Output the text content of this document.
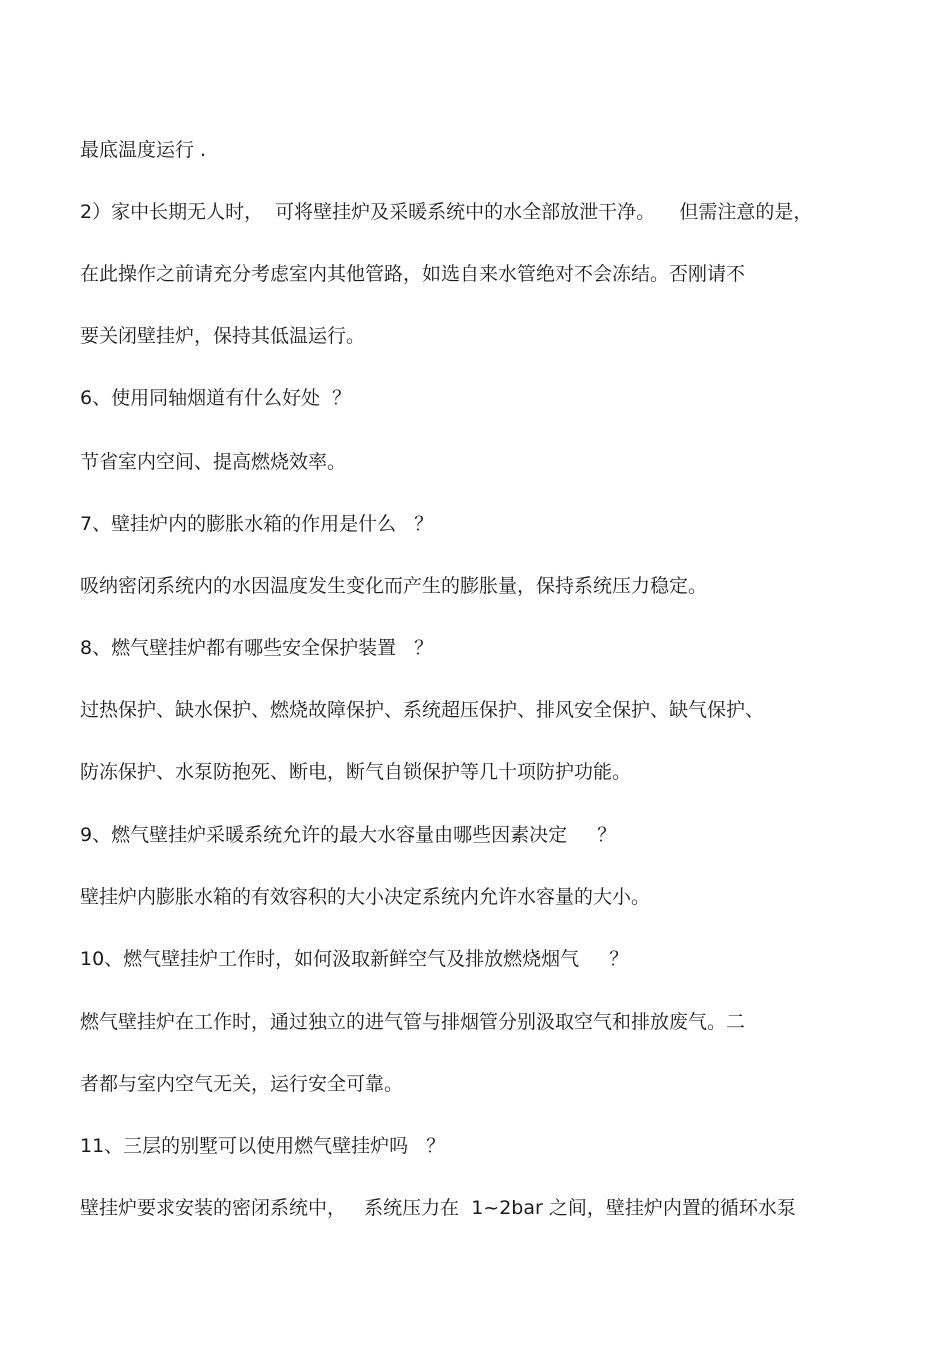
最底温度运行 .

2）家中长期无人时，  可将壁挂炉及采暖系统中的水全部放泄干净。    但需注意的是，

在此操作之前请充分考虑室内其他管路，如选自来水管绝对不会冻结。否刚请不

要关闭壁挂炉，保持其低温运行。

6、使用同轴烟道有什么好处  ？

节省室内空间、提高燃烧效率。

7、壁挂炉内的膨胀水箱的作用是什么   ？

吸纳密闭系统内的水因温度发生变化而产生的膨胀量，保持系统压力稳定。

8、燃气壁挂炉都有哪些安全保护装置   ？

过热保护、缺水保护、燃烧故障保护、系统超压保护、排风安全保护、缺气保护、

防冻保护、水泵防抱死、断电，断气自锁保护等几十项防护功能。

9、燃气壁挂炉采暖系统允许的最大水容量由哪些因素决定     ？

壁挂炉内膨胀水箱的有效容积的大小决定系统内允许水容量的大小。

10、燃气壁挂炉工作时，如何汲取新鲜空气及排放燃烧烟气     ？

燃气壁挂炉在工作时，通过独立的进气管与排烟管分别汲取空气和排放废气。二

者都与室内空气无关，运行安全可靠。

11、三层的别墅可以使用燃气壁挂炉吗   ？

壁挂炉要求安装的密闭系统中，   系统压力在  1~2bar 之间，壁挂炉内置的循环水泵
